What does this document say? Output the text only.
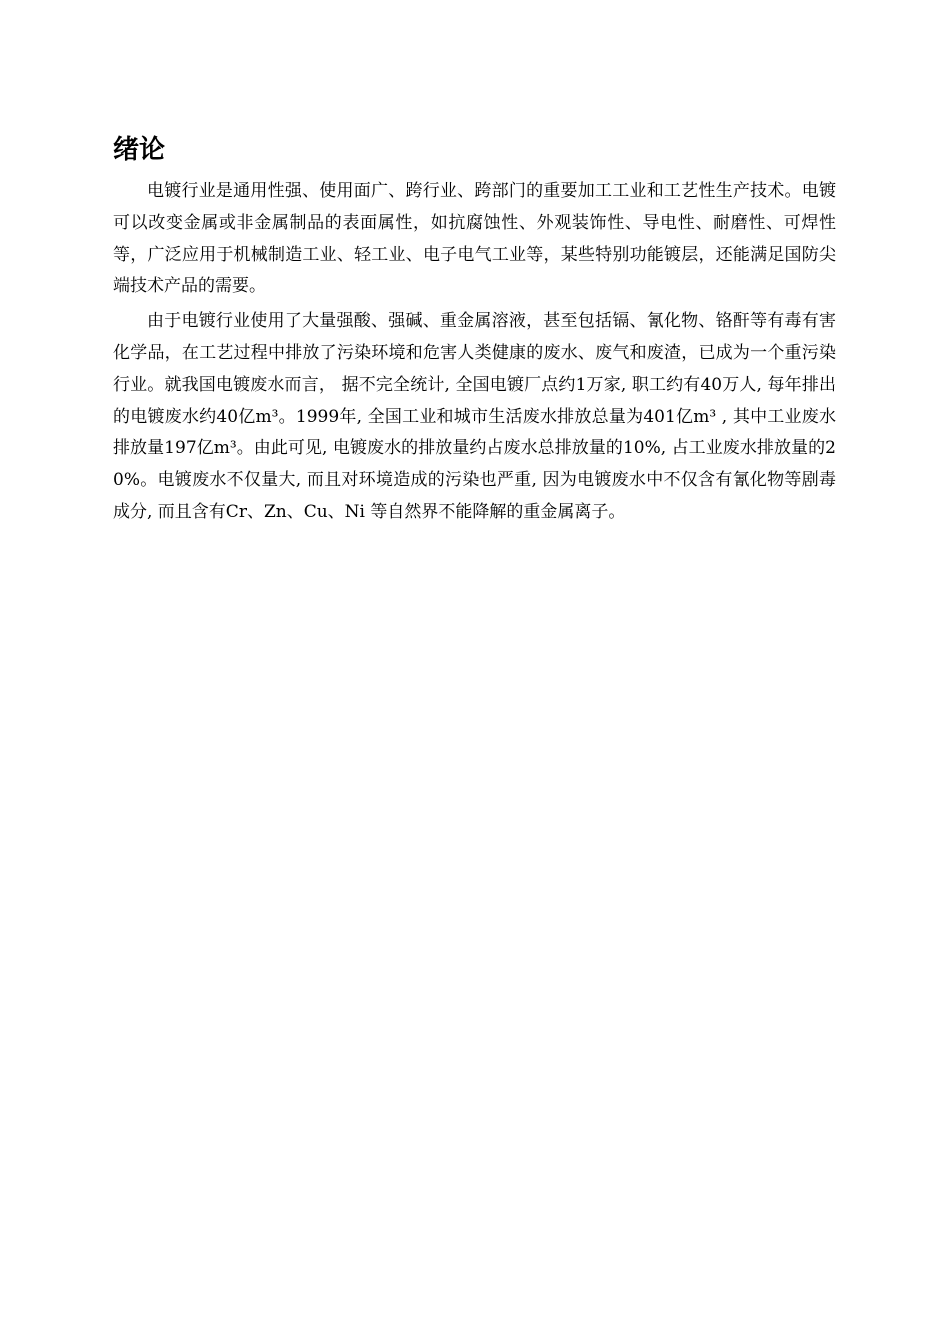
绪论

电镀行业是通用性强、使用面广、跨行业、跨部门的重要加工工业和工艺性生产技术。电镀可以改变金属或非金属制品的表面属性，如抗腐蚀性、外观装饰性、导电性、耐磨性、可焊性等，广泛应用于机械制造工业、轻工业、电子电气工业等，某些特别功能镀层，还能满足国防尖端技术产品的需要。

由于电镀行业使用了大量强酸、强碱、重金属溶液，甚至包括镉、氰化物、铬酐等有毒有害化学品，在工艺过程中排放了污染环境和危害人类健康的废水、废气和废渣，已成为一个重污染行业。就我国电镀废水而言， 据不完全统计, 全国电镀厂点约1万家, 职工约有40万人, 每年排出的电镀废水约40亿m³。1999年, 全国工业和城市生活废水排放总量为401亿m³ , 其中工业废水排放量197亿m³。由此可见, 电镀废水的排放量约占废水总排放量的10%, 占工业废水排放量的20%。电镀废水不仅量大, 而且对环境造成的污染也严重, 因为电镀废水中不仅含有氰化物等剧毒成分, 而且含有Cr、Zn、Cu、Ni 等自然界不能降解的重金属离子。
